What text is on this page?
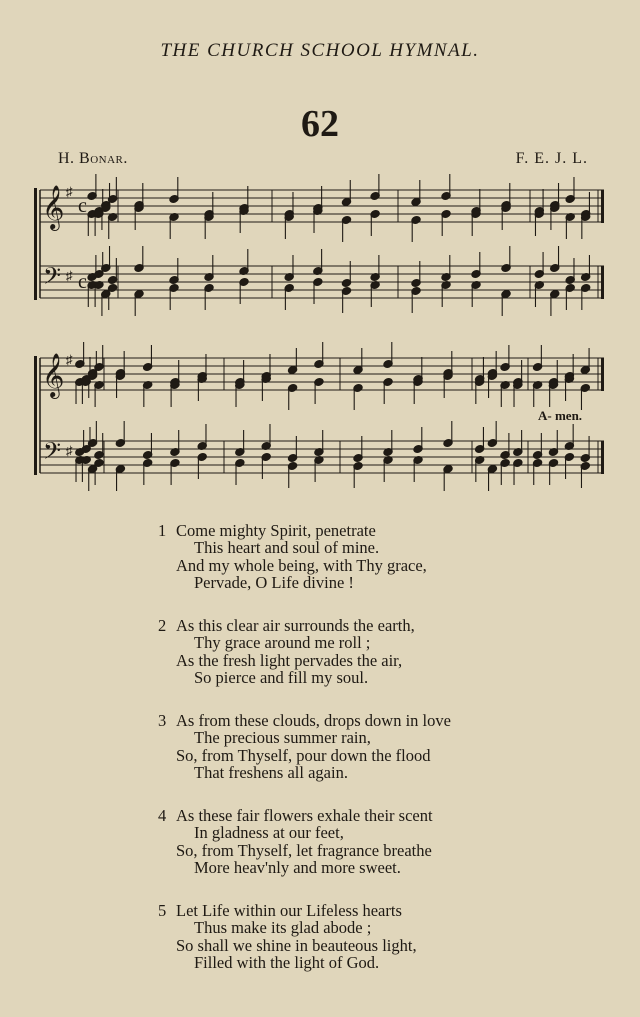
THE CHURCH SCHOOL HYMNAL.
62
H. Bonar.	F. E. J. L.
𝄞
𝄢
♯
♯
c
c
𝄞
𝄢
♯
♯
A- men.
1 Come mighty Spirit, penetrate
This heart and soul of mine.
And my whole being, with Thy grace,
Pervade, O Life divine !
2 As this clear air surrounds the earth,
Thy grace around me roll ;
As the fresh light pervades the air,
So pierce and fill my soul.
3 As from these clouds, drops down in love
The precious summer rain,
So, from Thyself, pour down the flood
That freshens all again.
4 As these fair flowers exhale their scent
In gladness at our feet,
So, from Thyself, let fragrance breathe
More heav'nly and more sweet.
5 Let Life within our Lifeless hearts
Thus make its glad abode ;
So shall we shine in beauteous light,
Filled with the light of God.
